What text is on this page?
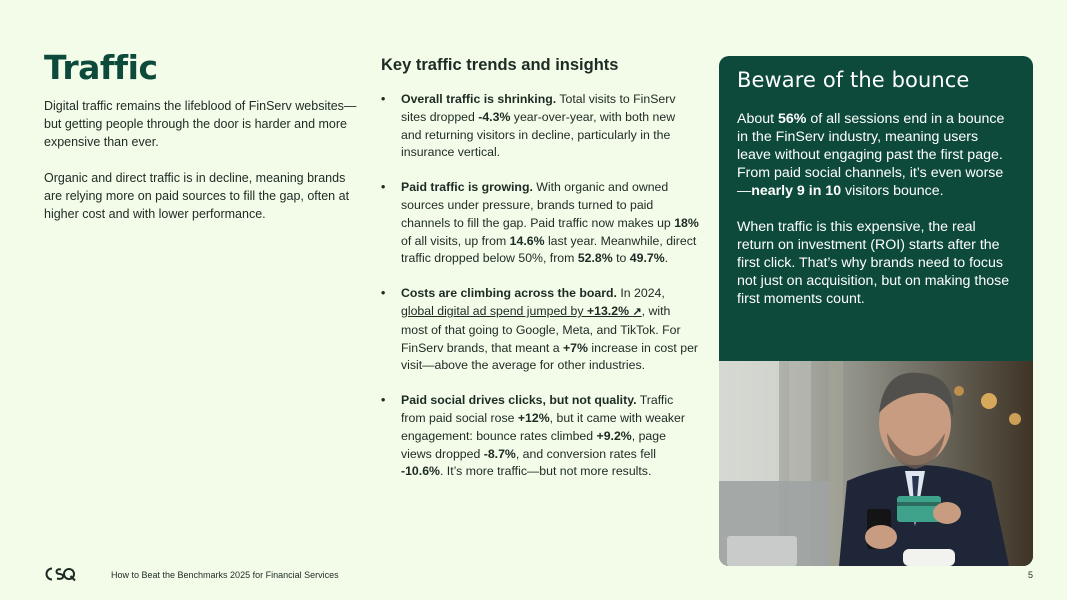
Traffic

Digital traffic remains the lifeblood of FinServ websites—but getting people through the door is harder and more expensive than ever.

Organic and direct traffic is in decline, meaning brands are relying more on paid sources to fill the gap, often at higher cost and with lower performance.

Key traffic trends and insights
• Overall traffic is shrinking. Total visits to FinServ sites dropped -4.3% year-over-year, with both new and returning visitors in decline, particularly in the insurance vertical.
• Paid traffic is growing. With organic and owned sources under pressure, brands turned to paid channels to fill the gap. Paid traffic now makes up 18% of all visits, up from 14.6% last year. Meanwhile, direct traffic dropped below 50%, from 52.8% to 49.7%.
• Costs are climbing across the board. In 2024, global digital ad spend jumped by +13.2% ↗, with most of that going to Google, Meta, and TikTok. For FinServ brands, that meant a +7% increase in cost per visit—above the average for other industries.
• Paid social drives clicks, but not quality. Traffic from paid social rose +12%, but it came with weaker engagement: bounce rates climbed +9.2%, page views dropped -8.7%, and conversion rates fell -10.6%. It’s more traffic—but not more results.
Beware of the bounce

About 56% of all sessions end in a bounce in the FinServ industry, meaning users leave without engaging past the first page. From paid social channels, it’s even worse—nearly 9 in 10 visitors bounce.

When traffic is this expensive, the real return on investment (ROI) starts after the first click. That’s why brands need to focus not just on acquisition, but on making those first moments count.

How to Beat the Benchmarks 2025 for Financial Services	5
